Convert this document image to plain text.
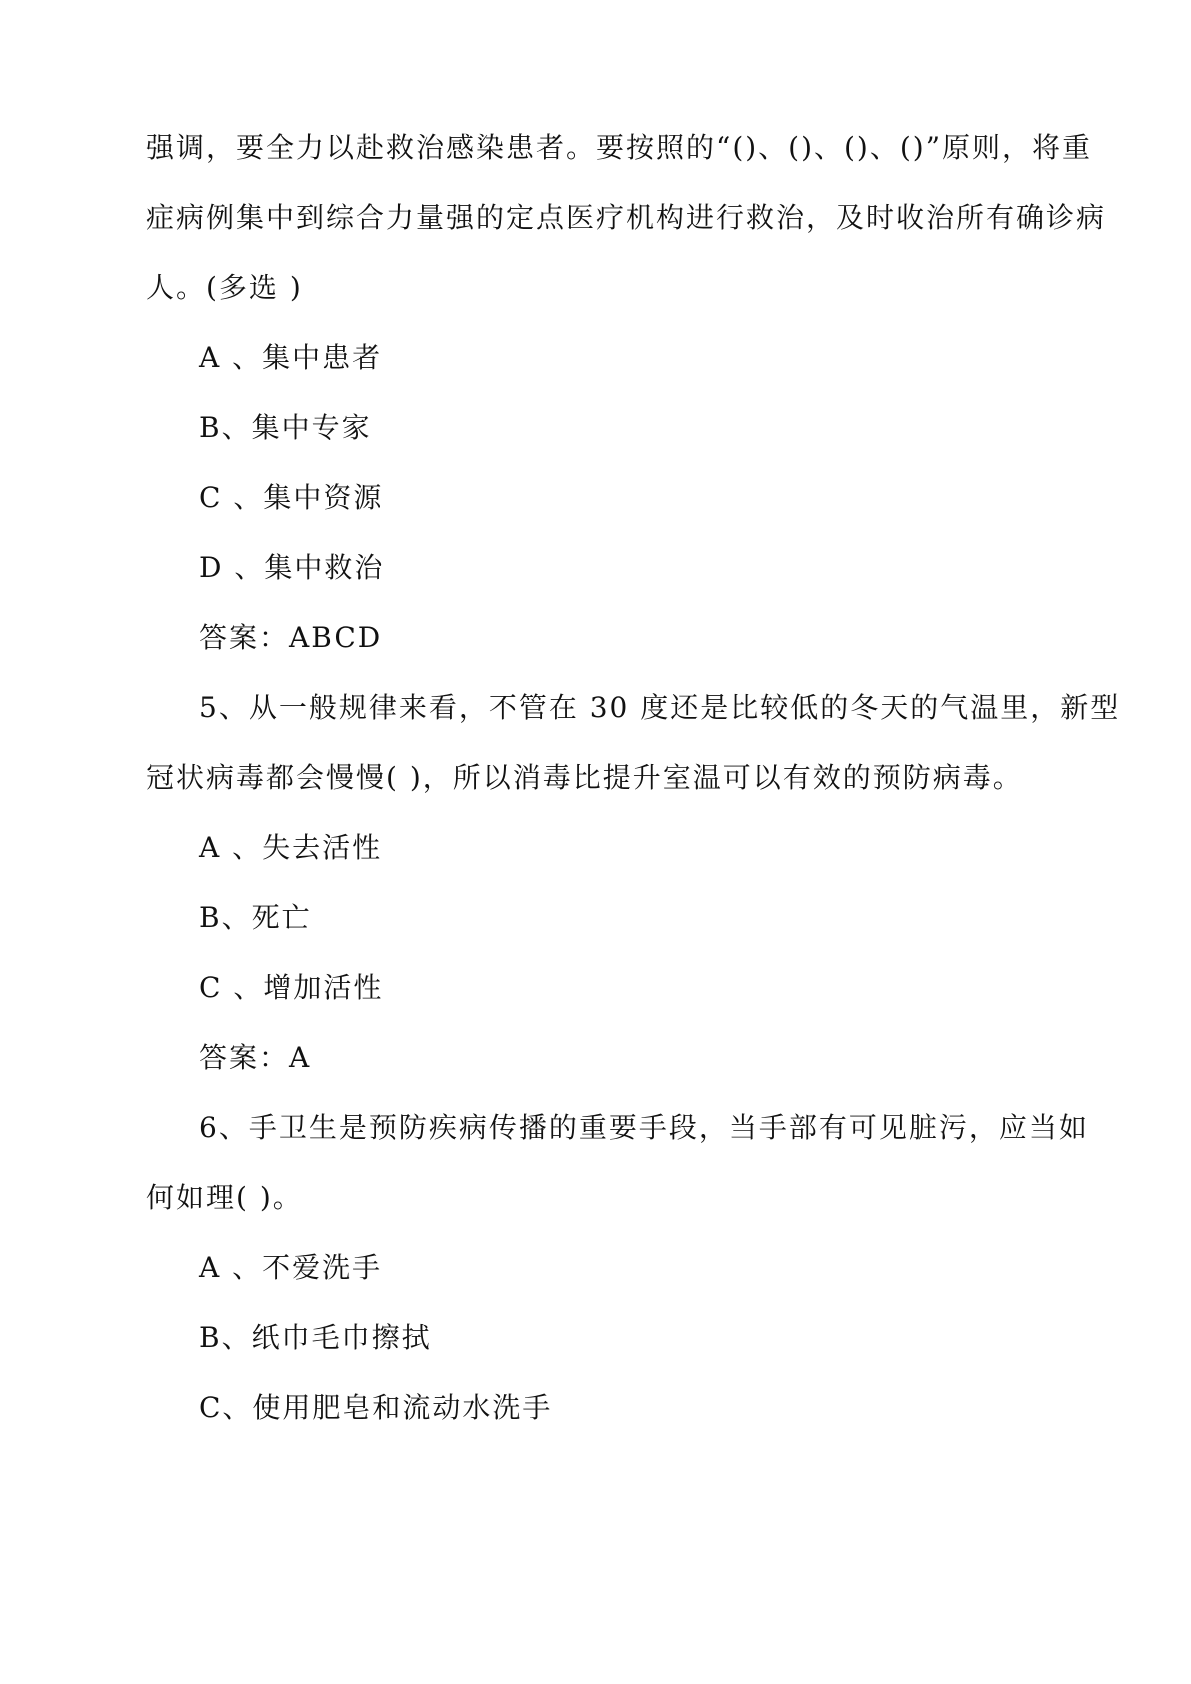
强调，要全力以赴救治感染患者。要按照的“()、()、()、()”原则，将重
症病例集中到综合力量强的定点医疗机构进行救治，及时收治所有确诊病
人。(多选 )
A 、集中患者
B、集中专家
C 、集中资源
D 、集中救治
答案：ABCD
5、从一般规律来看，不管在 30 度还是比较低的冬天的气温里，新型
冠状病毒都会慢慢( )，所以消毒比提升室温可以有效的预防病毒。
A 、失去活性
B、死亡
C 、增加活性
答案：A
6、手卫生是预防疾病传播的重要手段，当手部有可见脏污，应当如
何如理( )。
A 、不爱洗手
B、纸巾毛巾擦拭
C、使用肥皂和流动水洗手
